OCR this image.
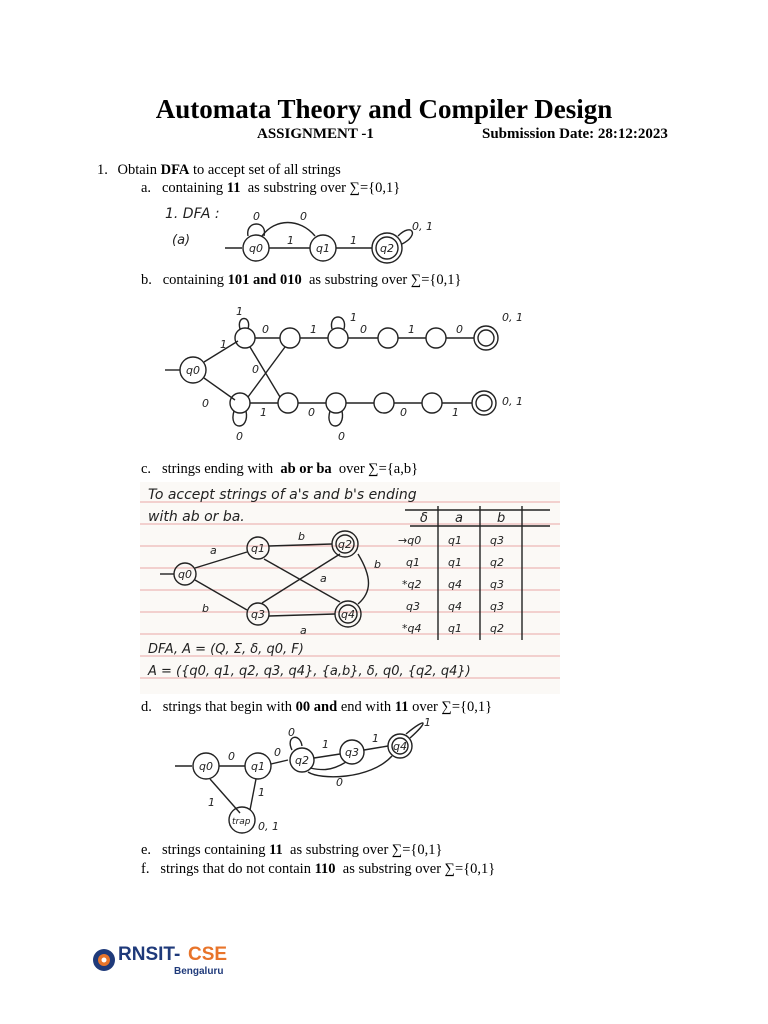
Automata Theory and Compiler Design
ASSIGNMENT -1	Submission Date: 28:12:2023
1. Obtain DFA to accept set of all strings
a. containing 11 as substring over ∑={0,1}
1. DFA :
(a)
q0
0
1
0
q1
1
q2
0, 1
b. containing 101 and 010 as substring over ∑={0,1}
q0
1
0
1
0	1
1
0	1	0
0, 1
0
0
1	0
0
0	1
0, 1
c. strings ending with ab or ba over ∑={a,b}
To accept strings of a's and b's ending
with ab or ba.
q0
q1	q2
q3	q4
a
b
b
a
a
b
δ a	b
→q0 q1	q3
q1	q1	q2
*q2 q4	q3
q3	q4	q3
*q4 q1	q2
DFA, A = (Q, Σ, δ, q0, F)
A = ({q0, q1, q2, q3, q4}, {a,b}, δ, q0, {q2, q4})
d. strings that begin with 00 and end with 11 over ∑={0,1}
q0
0
q1
0
q2
0
1
q3
1
q4
1
0
1
1
trap 0, 1
e. strings containing 11 as substring over ∑={0,1}
f. strings that do not contain 110 as substring over ∑={0,1}
RNSIT- CSE
Bengaluru
